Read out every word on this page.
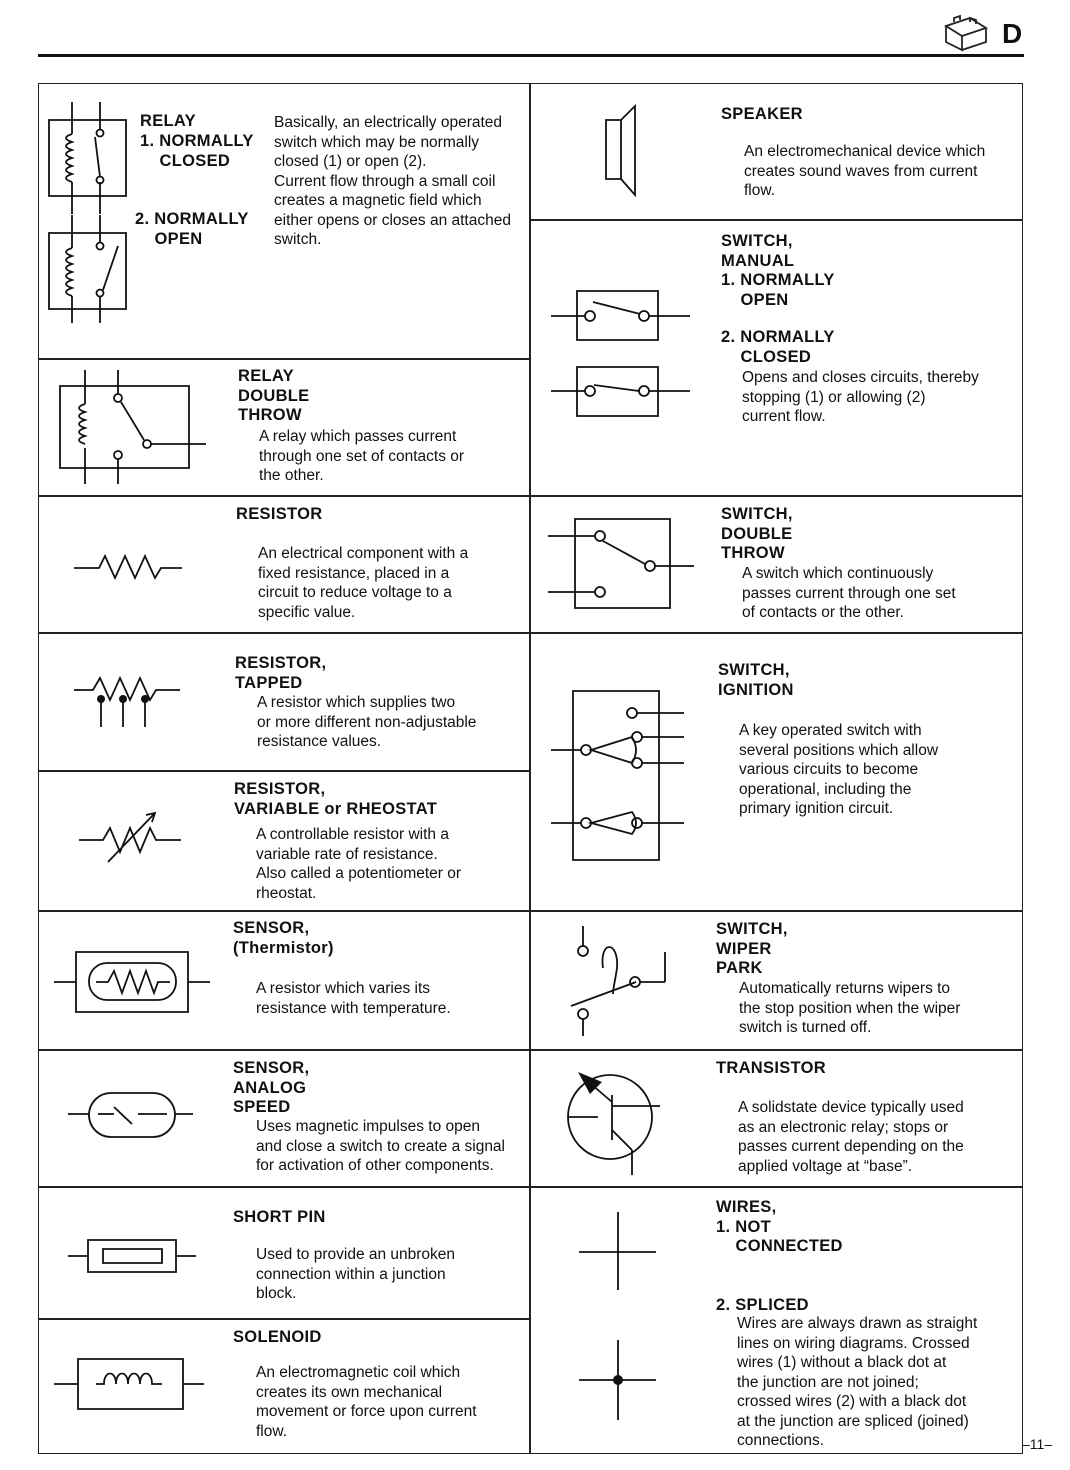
D
RELAY
1. NORMALLY
CLOSED
2. NORMALLY
OPEN
Basically, an electrically operated
switch which may be normally
closed (1) or open (2).
Current flow through a small coil
creates a magnetic field which
either opens or closes an attached
switch.
RELAY
DOUBLE
THROW
A relay which passes current
through one set of contacts or
the other.
RESISTOR
An electrical component with a
fixed resistance, placed in a
circuit to reduce voltage to a
specific value.
RESISTOR,
TAPPED
A resistor which supplies two
or more different non-adjustable
resistance values.
RESISTOR,
VARIABLE or RHEOSTAT
A controllable resistor with a
variable rate of resistance.
Also called a potentiometer or
rheostat.
SENSOR,
(Thermistor)
A resistor which varies its
resistance with temperature.
SENSOR,
ANALOG
SPEED
Uses magnetic impulses to open
and close a switch to create a signal
for activation of other components.
SHORT PIN
Used to provide an unbroken
connection within a junction
block.
SOLENOID
An electromagnetic coil which
creates its own mechanical
movement or force upon current
flow.
SPEAKER
An electromechanical device which
creates sound waves from current
flow.
SWITCH,
MANUAL
1. NORMALLY
OPEN
2. NORMALLY
CLOSED
Opens and closes circuits, thereby
stopping (1) or allowing (2)
current flow.
SWITCH,
DOUBLE
THROW
A switch which continuously
passes current through one set
of contacts or the other.
SWITCH,
IGNITION
A key operated switch with
several positions which allow
various circuits to become
operational, including the
primary ignition circuit.
SWITCH,
WIPER
PARK
Automatically returns wipers to
the stop position when the wiper
switch is turned off.
TRANSISTOR
A solidstate device typically used
as an electronic relay; stops or
passes current depending on the
applied voltage at “base”.
WIRES,
1. NOT
CONNECTED
2. SPLICED
Wires are always drawn as straight
lines on wiring diagrams. Crossed
wires (1) without a black dot at
the junction are not joined;
crossed wires (2) with a black dot
at the junction are spliced (joined)
connections.	–11–
